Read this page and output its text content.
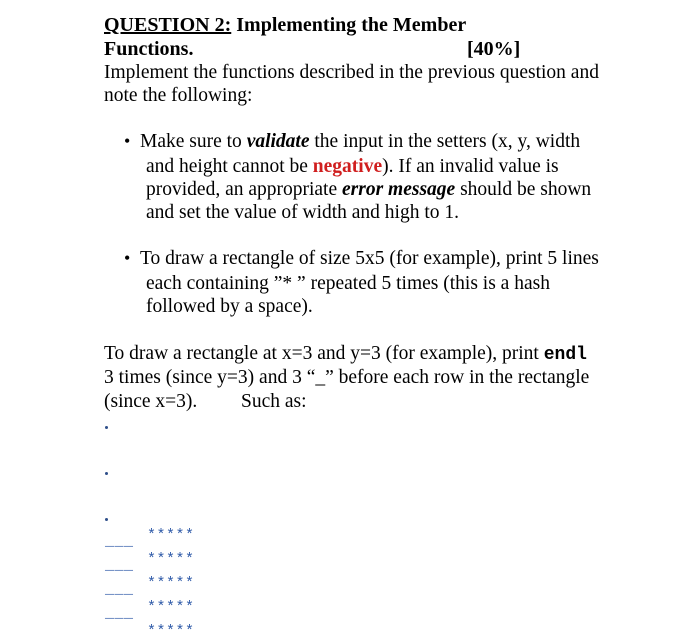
QUESTION 2: Implementing the Member
Functions.	[40%]
Implement the functions described in the previous question and
note the following:
• Make sure to validate the input in the setters (x, y, width
and height cannot be negative). If an invalid value is
provided, an appropriate error message should be shown
and set the value of width and high to 1.
• To draw a rectangle of size 5x5 (for example), print 5 lines
each containing ”* ” repeated 5 times (this is a hash
followed by a space).
To draw a rectangle at x=3 and y=3 (for example), print endl
3 times (since y=3) and 3 “_” before each row in the rectangle
(since x=3). Such as:
*****
*****
*****
*****
*****
___
___
___
___
